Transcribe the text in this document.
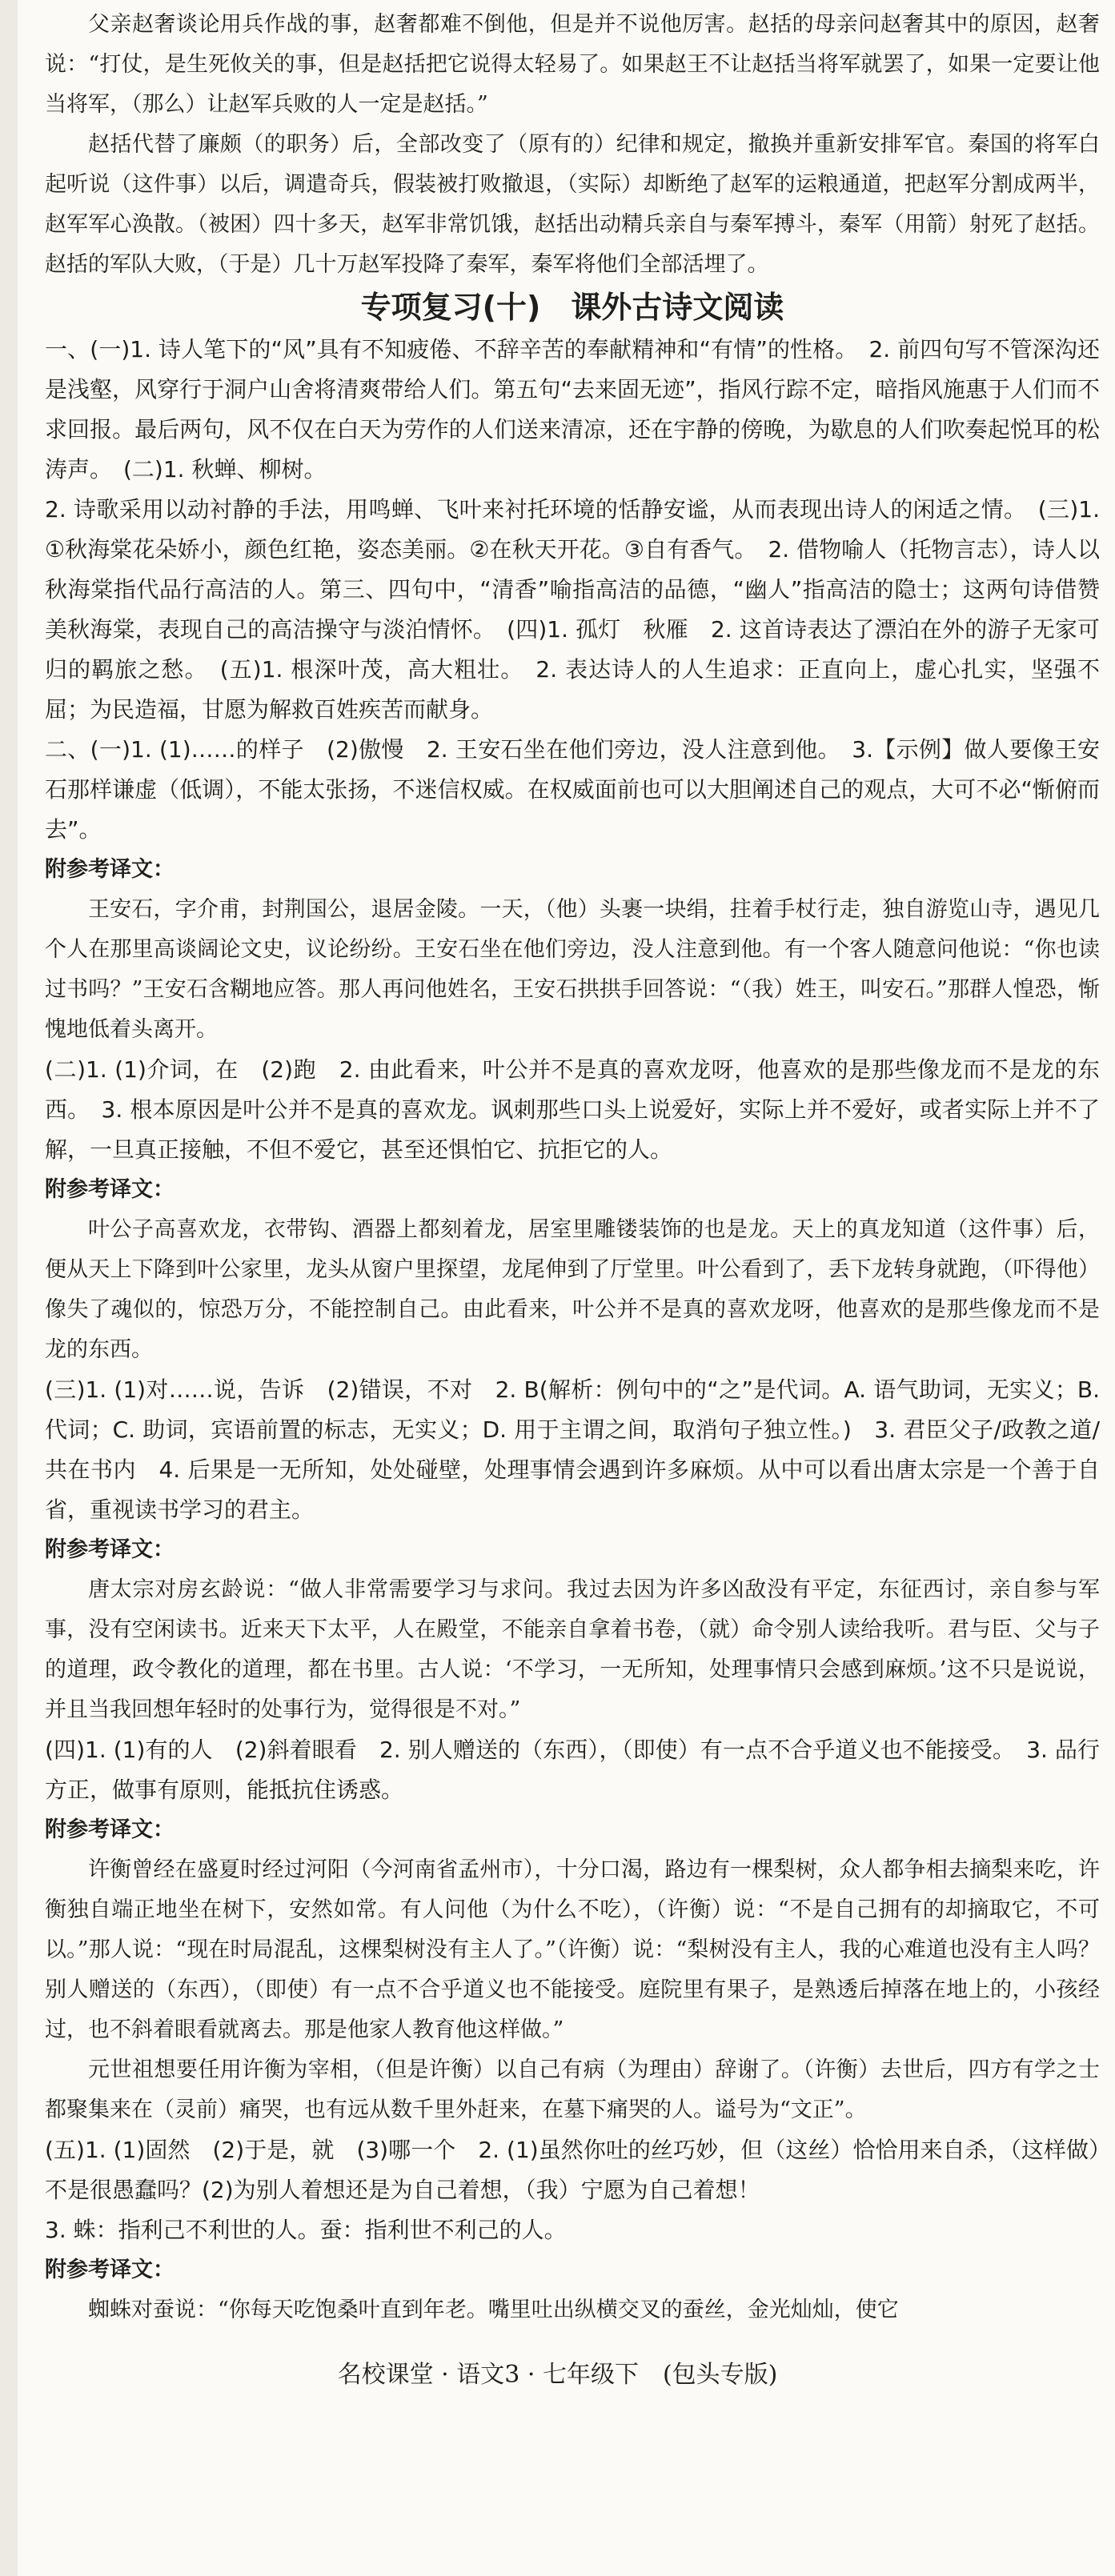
父亲赵奢谈论用兵作战的事，赵奢都难不倒他，但是并不说他厉害。赵括的母亲问赵奢其中的原因，赵奢说：“打仗，是生死攸关的事，但是赵括把它说得太轻易了。如果赵王不让赵括当将军就罢了，如果一定要让他当将军，（那么）让赵军兵败的人一定是赵括。”

赵括代替了廉颇（的职务）后，全部改变了（原有的）纪律和规定，撤换并重新安排军官。秦国的将军白起听说（这件事）以后，调遣奇兵，假装被打败撤退，（实际）却断绝了赵军的运粮通道，把赵军分割成两半，赵军军心涣散。（被困）四十多天，赵军非常饥饿，赵括出动精兵亲自与秦军搏斗，秦军（用箭）射死了赵括。赵括的军队大败，（于是）几十万赵军投降了秦军，秦军将他们全部活埋了。

专项复习(十)　课外古诗文阅读

一、(一)1. 诗人笔下的“风”具有不知疲倦、不辞辛苦的奉献精神和“有情”的性格。　2. 前四句写不管深沟还是浅壑，风穿行于洞户山舍将清爽带给人们。第五句“去来固无迹”，指风行踪不定，暗指风施惠于人们而不求回报。最后两句，风不仅在白天为劳作的人们送来清凉，还在宇静的傍晚，为歇息的人们吹奏起悦耳的松涛声。　(二)1. 秋蝉、柳树。

2. 诗歌采用以动衬静的手法，用鸣蝉、飞叶来衬托环境的恬静安谧，从而表现出诗人的闲适之情。　(三)1. ①秋海棠花朵娇小，颜色红艳，姿态美丽。②在秋天开花。③自有香气。　2. 借物喻人（托物言志），诗人以秋海棠指代品行高洁的人。第三、四句中，“清香”喻指高洁的品德，“幽人”指高洁的隐士；这两句诗借赞美秋海棠，表现自己的高洁操守与淡泊情怀。　(四)1. 孤灯　秋雁　2. 这首诗表达了漂泊在外的游子无家可归的羁旅之愁。　(五)1. 根深叶茂，高大粗壮。　2. 表达诗人的人生追求：正直向上，虚心扎实，坚强不屈；为民造福，甘愿为解救百姓疾苦而献身。

二、(一)1. (1)……的样子　(2)傲慢　2. 王安石坐在他们旁边，没人注意到他。　3.【示例】做人要像王安石那样谦虚（低调），不能太张扬，不迷信权威。在权威面前也可以大胆阐述自己的观点，大可不必“惭俯而去”。

附参考译文：

王安石，字介甫，封荆国公，退居金陵。一天，（他）头裹一块绢，拄着手杖行走，独自游览山寺，遇见几个人在那里高谈阔论文史，议论纷纷。王安石坐在他们旁边，没人注意到他。有一个客人随意问他说：“你也读过书吗？”王安石含糊地应答。那人再问他姓名，王安石拱拱手回答说：“（我）姓王，叫安石。”那群人惶恐，惭愧地低着头离开。

(二)1. (1)介词，在　(2)跑　2. 由此看来，叶公并不是真的喜欢龙呀，他喜欢的是那些像龙而不是龙的东西。　3. 根本原因是叶公并不是真的喜欢龙。讽刺那些口头上说爱好，实际上并不爱好，或者实际上并不了解，一旦真正接触，不但不爱它，甚至还惧怕它、抗拒它的人。

附参考译文：

叶公子高喜欢龙，衣带钩、酒器上都刻着龙，居室里雕镂装饰的也是龙。天上的真龙知道（这件事）后，便从天上下降到叶公家里，龙头从窗户里探望，龙尾伸到了厅堂里。叶公看到了，丢下龙转身就跑，（吓得他）像失了魂似的，惊恐万分，不能控制自己。由此看来，叶公并不是真的喜欢龙呀，他喜欢的是那些像龙而不是龙的东西。

(三)1. (1)对……说，告诉　(2)错误，不对　2. B(解析：例句中的“之”是代词。A. 语气助词，无实义；B. 代词；C. 助词，宾语前置的标志，无实义；D. 用于主谓之间，取消句子独立性。)　3. 君臣父子/政教之道/共在书内　4. 后果是一无所知，处处碰壁，处理事情会遇到许多麻烦。从中可以看出唐太宗是一个善于自省，重视读书学习的君主。

附参考译文：

唐太宗对房玄龄说：“做人非常需要学习与求问。我过去因为许多凶敌没有平定，东征西讨，亲自参与军事，没有空闲读书。近来天下太平，人在殿堂，不能亲自拿着书卷，（就）命令别人读给我听。君与臣、父与子的道理，政令教化的道理，都在书里。古人说：‘不学习，一无所知，处理事情只会感到麻烦。’这不只是说说，并且当我回想年轻时的处事行为，觉得很是不对。”

(四)1. (1)有的人　(2)斜着眼看　2. 别人赠送的（东西），（即使）有一点不合乎道义也不能接受。　3. 品行方正，做事有原则，能抵抗住诱惑。

附参考译文：

许衡曾经在盛夏时经过河阳（今河南省孟州市），十分口渴，路边有一棵梨树，众人都争相去摘梨来吃，许衡独自端正地坐在树下，安然如常。有人问他（为什么不吃），（许衡）说：“不是自己拥有的却摘取它，不可以。”那人说：“现在时局混乱，这棵梨树没有主人了。”（许衡）说：“梨树没有主人，我的心难道也没有主人吗？别人赠送的（东西），（即使）有一点不合乎道义也不能接受。庭院里有果子，是熟透后掉落在地上的，小孩经过，也不斜着眼看就离去。那是他家人教育他这样做。”

元世祖想要任用许衡为宰相，（但是许衡）以自己有病（为理由）辞谢了。（许衡）去世后，四方有学之士都聚集来在（灵前）痛哭，也有远从数千里外赶来，在墓下痛哭的人。谥号为“文正”。

(五)1. (1)固然　(2)于是，就　(3)哪一个　2. (1)虽然你吐的丝巧妙，但（这丝）恰恰用来自杀，（这样做）不是很愚蠢吗？(2)为别人着想还是为自己着想，（我）宁愿为自己着想！

3. 蛛：指利己不利世的人。蚕：指利世不利己的人。

附参考译文：

蜘蛛对蚕说：“你每天吃饱桑叶直到年老。嘴里吐出纵横交叉的蚕丝，金光灿灿，使它

名校课堂 · 语文3 · 七年级下　(包头专版)
